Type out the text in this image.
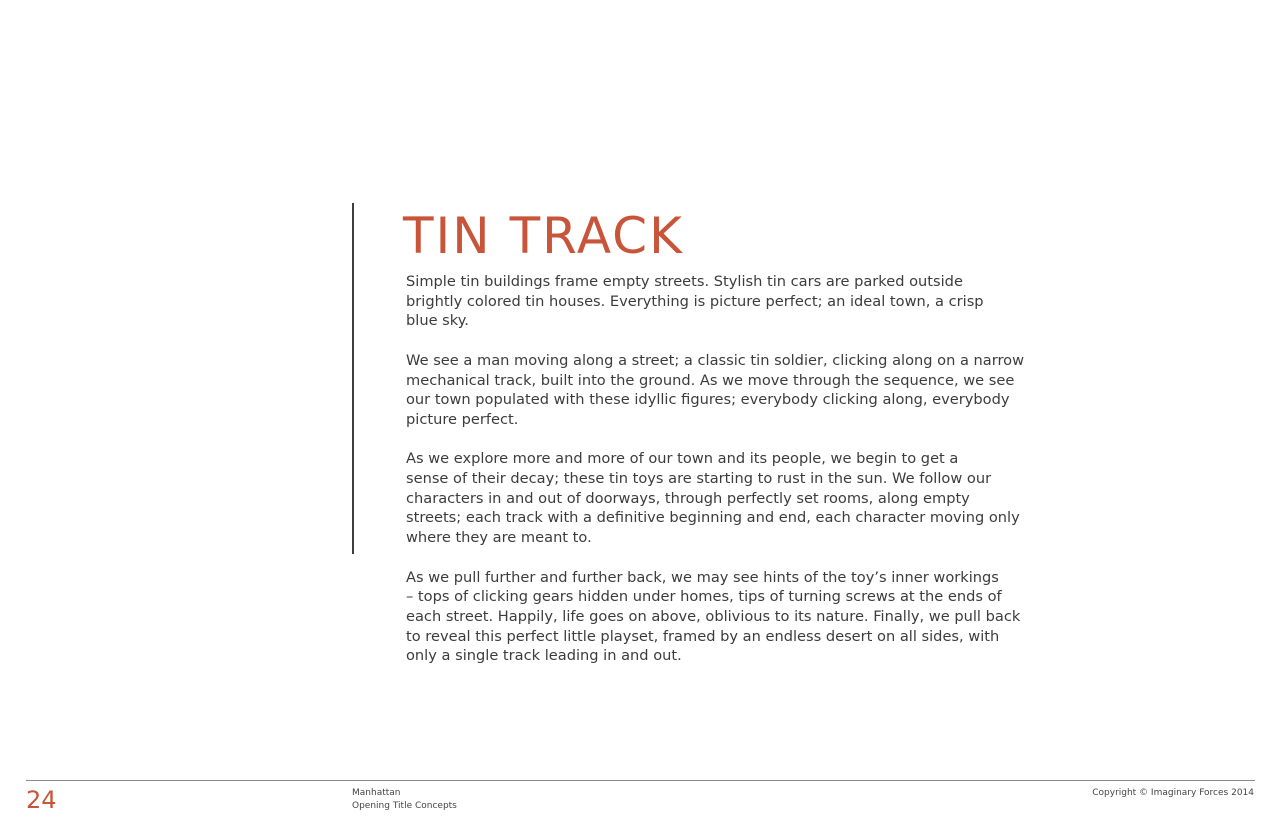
TIN TRACK

Simple tin buildings frame empty streets. Stylish tin cars are parked outside
brightly colored tin houses. Everything is picture perfect; an ideal town, a crisp
blue sky.

We see a man moving along a street; a classic tin soldier, clicking along on a narrow
mechanical track, built into the ground. As we move through the sequence, we see
our town populated with these idyllic figures; everybody clicking along, everybody
picture perfect.

As we explore more and more of our town and its people, we begin to get a
sense of their decay; these tin toys are starting to rust in the sun. We follow our
characters in and out of doorways, through perfectly set rooms, along empty
streets; each track with a definitive beginning and end, each character moving only
where they are meant to.

As we pull further and further back, we may see hints of the toy’s inner workings
– tops of clicking gears hidden under homes, tips of turning screws at the ends of
each street. Happily, life goes on above, oblivious to its nature. Finally, we pull back
to reveal this perfect little playset, framed by an endless desert on all sides, with
only a single track leading in and out.

24	Manhattan
Opening Title Concepts
Copyright © Imaginary Forces 2014
